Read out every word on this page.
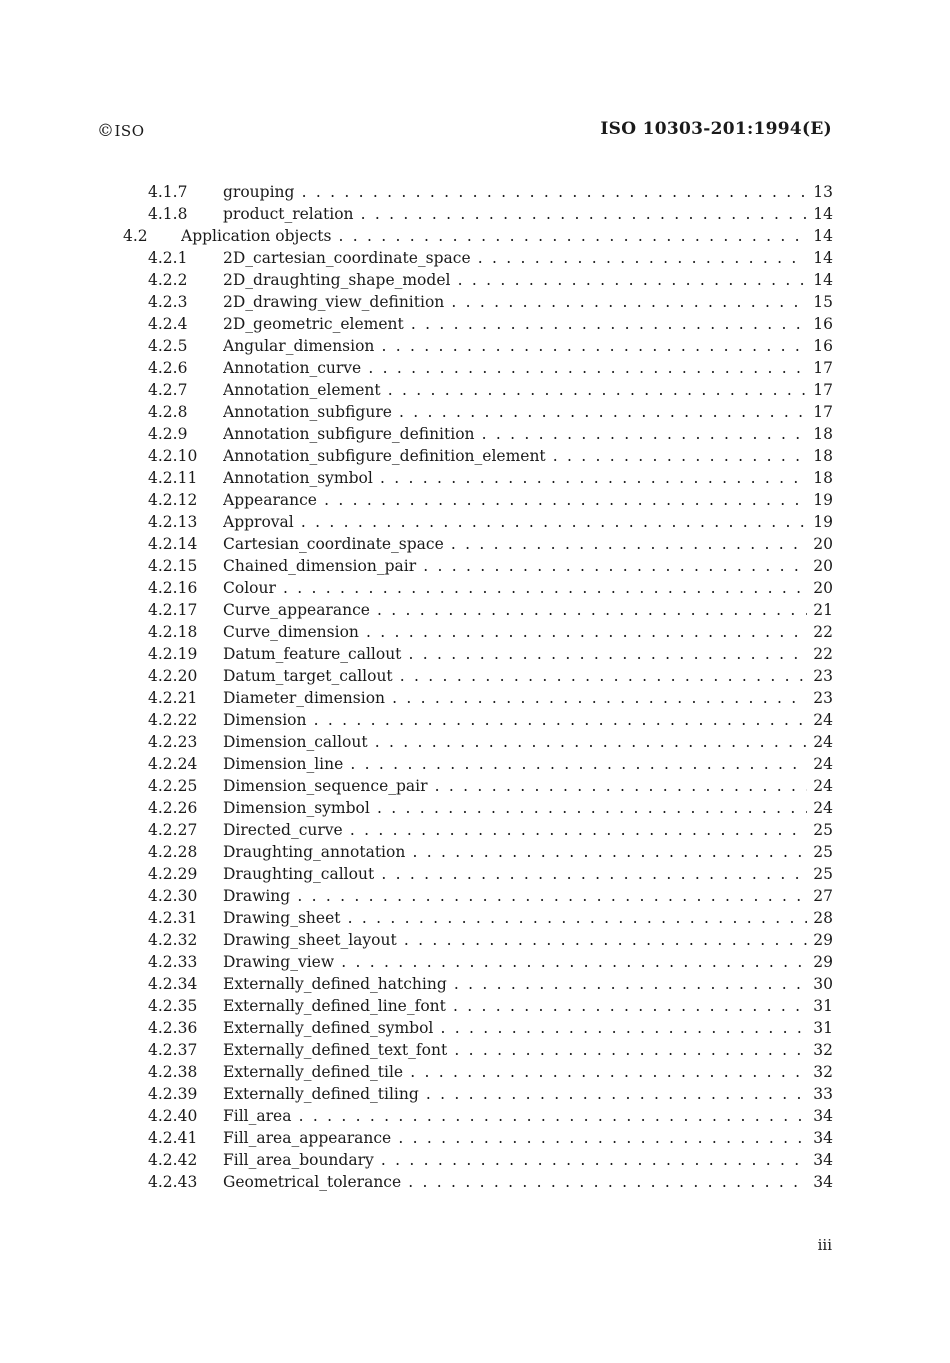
©ISO	ISO 10303-201:1994(E)
4.1.7 grouping . . .	13
4.1.8 product_relation . . .	14
4.2 Application objects . . .	14
4.2.1 2D_cartesian_coordinate_space . . .	14
4.2.2 2D_draughting_shape_model . . .	14
4.2.3 2D_drawing_view_definition . . .	15
4.2.4 2D_geometric_element . . .	16
4.2.5 Angular_dimension . . .	16
4.2.6 Annotation_curve . . .	17
4.2.7 Annotation_element . . .	17
4.2.8 Annotation_subfigure . . .	17
4.2.9 Annotation_subfigure_definition . . .	18
4.2.10 Annotation_subfigure_definition_element . . .	18
4.2.11 Annotation_symbol . . .	18
4.2.12 Appearance . . .	19
4.2.13 Approval . . .	19
4.2.14 Cartesian_coordinate_space . . .	20
4.2.15 Chained_dimension_pair . . .	20
4.2.16 Colour . . .	20
4.2.17 Curve_appearance . . .	21
4.2.18 Curve_dimension . . .	22
4.2.19 Datum_feature_callout . . .	22
4.2.20 Datum_target_callout . . .	23
4.2.21 Diameter_dimension . . .	23
4.2.22 Dimension . . .	24
4.2.23 Dimension_callout . . .	24
4.2.24 Dimension_line . . .	24
4.2.25 Dimension_sequence_pair . . .	24
4.2.26 Dimension_symbol . . .	24
4.2.27 Directed_curve . . .	25
4.2.28 Draughting_annotation . . .	25
4.2.29 Draughting_callout . . .	25
4.2.30 Drawing . . .	27
4.2.31 Drawing_sheet . . .	28
4.2.32 Drawing_sheet_layout . . .	29
4.2.33 Drawing_view . . .	29
4.2.34 Externally_defined_hatching . . .	30
4.2.35 Externally_defined_line_font . . .	31
4.2.36 Externally_defined_symbol . . .	31
4.2.37 Externally_defined_text_font . . .	32
4.2.38 Externally_defined_tile . . .	32
4.2.39 Externally_defined_tiling . . .	33
4.2.40 Fill_area . . .	34
4.2.41 Fill_area_appearance . . .	34
4.2.42 Fill_area_boundary . . .	34
4.2.43 Geometrical_tolerance . . .	34
iii
